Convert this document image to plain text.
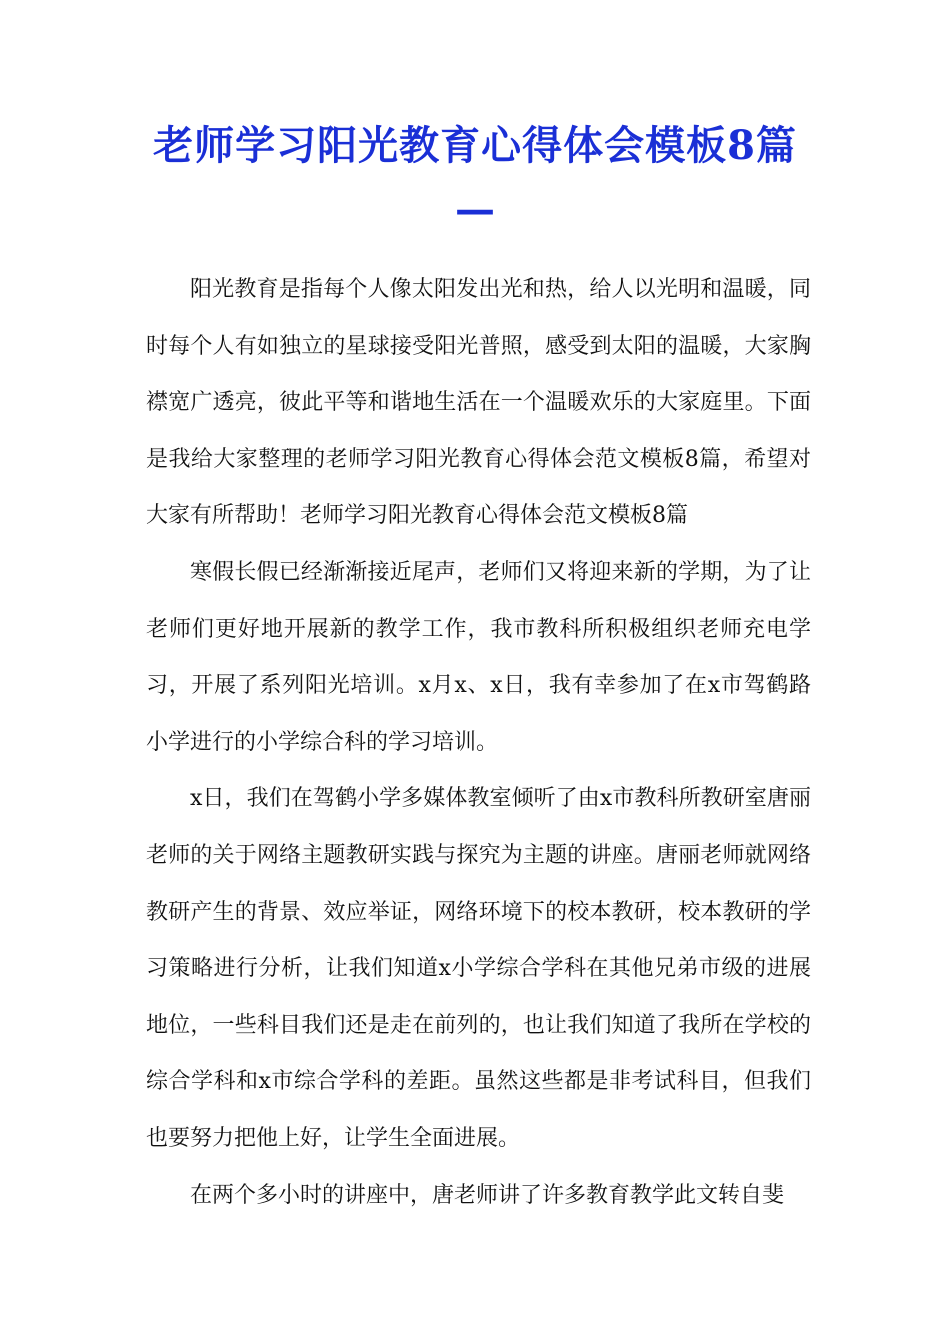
老师学习阳光教育心得体会模板8篇
—

阳光教育是指每个人像太阳发出光和热，给人以光明和温暖，同时每个人有如独立的星球接受阳光普照，感受到太阳的温暖，大家胸襟宽广透亮，彼此平等和谐地生活在一个温暖欢乐的大家庭里。下面是我给大家整理的老师学习阳光教育心得体会范文模板8篇，希望对大家有所帮助！老师学习阳光教育心得体会范文模板8篇

寒假长假已经渐渐接近尾声，老师们又将迎来新的学期，为了让老师们更好地开展新的教学工作，我市教科所积极组织老师充电学习，开展了系列阳光培训。x月x、x日，我有幸参加了在x市驾鹤路小学进行的小学综合科的学习培训。

x日，我们在驾鹤小学多媒体教室倾听了由x市教科所教研室唐丽老师的关于网络主题教研实践与探究为主题的讲座。唐丽老师就网络教研产生的背景、效应举证，网络环境下的校本教研，校本教研的学习策略进行分析，让我们知道x小学综合学科在其他兄弟市级的进展地位，一些科目我们还是走在前列的，也让我们知道了我所在学校的综合学科和x市综合学科的差距。虽然这些都是非考试科目，但我们也要努力把他上好，让学生全面进展。

在两个多小时的讲座中，唐老师讲了许多教育教学此文转自斐
